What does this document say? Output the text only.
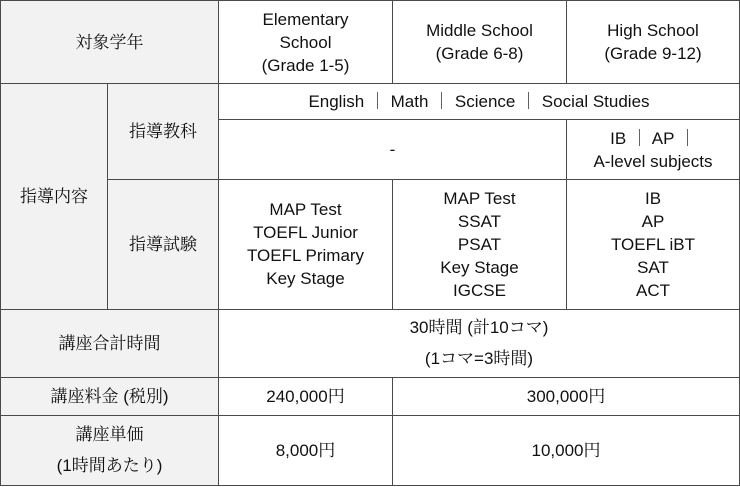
対象学年		Elementary
School
(Grade 1-5)	Middle School
(Grade 6-8)	High School
(Grade 9-12)

指導内容	指導教科	English ｜ Math ｜ Science ｜ Social Studies		

		-		IB ｜ AP ｜
A-level subjects

	指導試験	MAP Test
TOEFL Junior
TOEFL Primary
Key Stage	MAP Test
SSAT
PSAT
Key Stage
IGCSE	IB
AP
TOEFL iBT
SAT
ACT

講座合計時間		30時間 (計10コマ)
(1コマ=3時間)		

講座料金 (税別)		240,000円	300,000円	

講座単価
(1時間あたり)		8,000円	10,000円	
